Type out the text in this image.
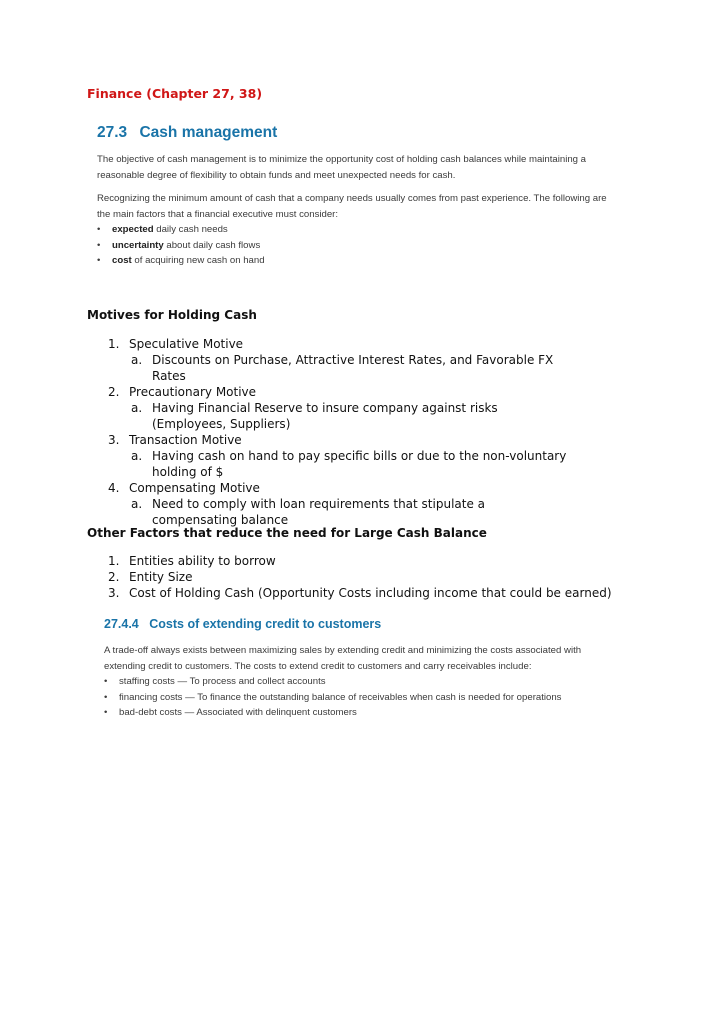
Finance (Chapter 27, 38)
27.3 Cash management
The objective of cash management is to minimize the opportunity cost of holding cash balances while maintaining a reasonable degree of flexibility to obtain funds and meet unexpected needs for cash.
Recognizing the minimum amount of cash that a company needs usually comes from past experience. The following are the main factors that a financial executive must consider:
• expected daily cash needs
• uncertainty about daily cash flows
• cost of acquiring new cash on hand
Motives for Holding Cash
1. Speculative Motive
a. Discounts on Purchase, Attractive Interest Rates, and Favorable FX Rates
2. Precautionary Motive
a. Having Financial Reserve to insure company against risks (Employees, Suppliers)
3. Transaction Motive
a. Having cash on hand to pay specific bills or due to the non-voluntary holding of $
4. Compensating Motive
a. Need to comply with loan requirements that stipulate a compensating balance
Other Factors that reduce the need for Large Cash Balance
1. Entities ability to borrow
2. Entity Size
3. Cost of Holding Cash (Opportunity Costs including income that could be earned)
27.4.4 Costs of extending credit to customers
A trade-off always exists between maximizing sales by extending credit and minimizing the costs associated with extending credit to customers. The costs to extend credit to customers and carry receivables include:
• staffing costs — To process and collect accounts
• financing costs — To finance the outstanding balance of receivables when cash is needed for operations
• bad-debt costs — Associated with delinquent customers
